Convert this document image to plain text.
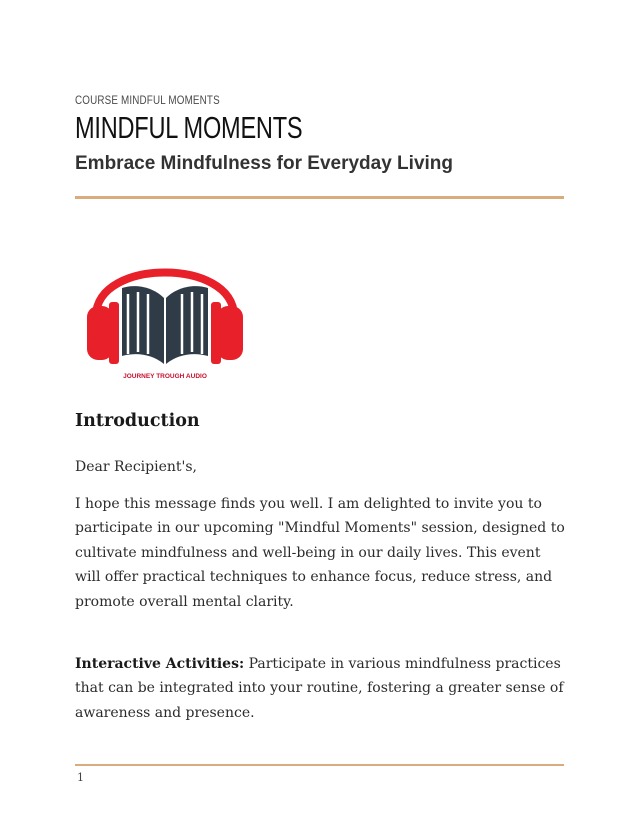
COURSE MINDFUL MOMENTS
MINDFUL MOMENTS
Embrace Mindfulness for Everyday Living
JOURNEY TROUGH AUDIO
Introduction

Dear Recipient's,

I hope this message finds you well. I am delighted to invite you to participate in our upcoming "Mindful Moments" session, designed to cultivate mindfulness and well-being in our daily lives. This event will offer practical techniques to enhance focus, reduce stress, and promote overall mental clarity.

Interactive Activities: Participate in various mindfulness practices that can be integrated into your routine, fostering a greater sense of awareness and presence.

1
